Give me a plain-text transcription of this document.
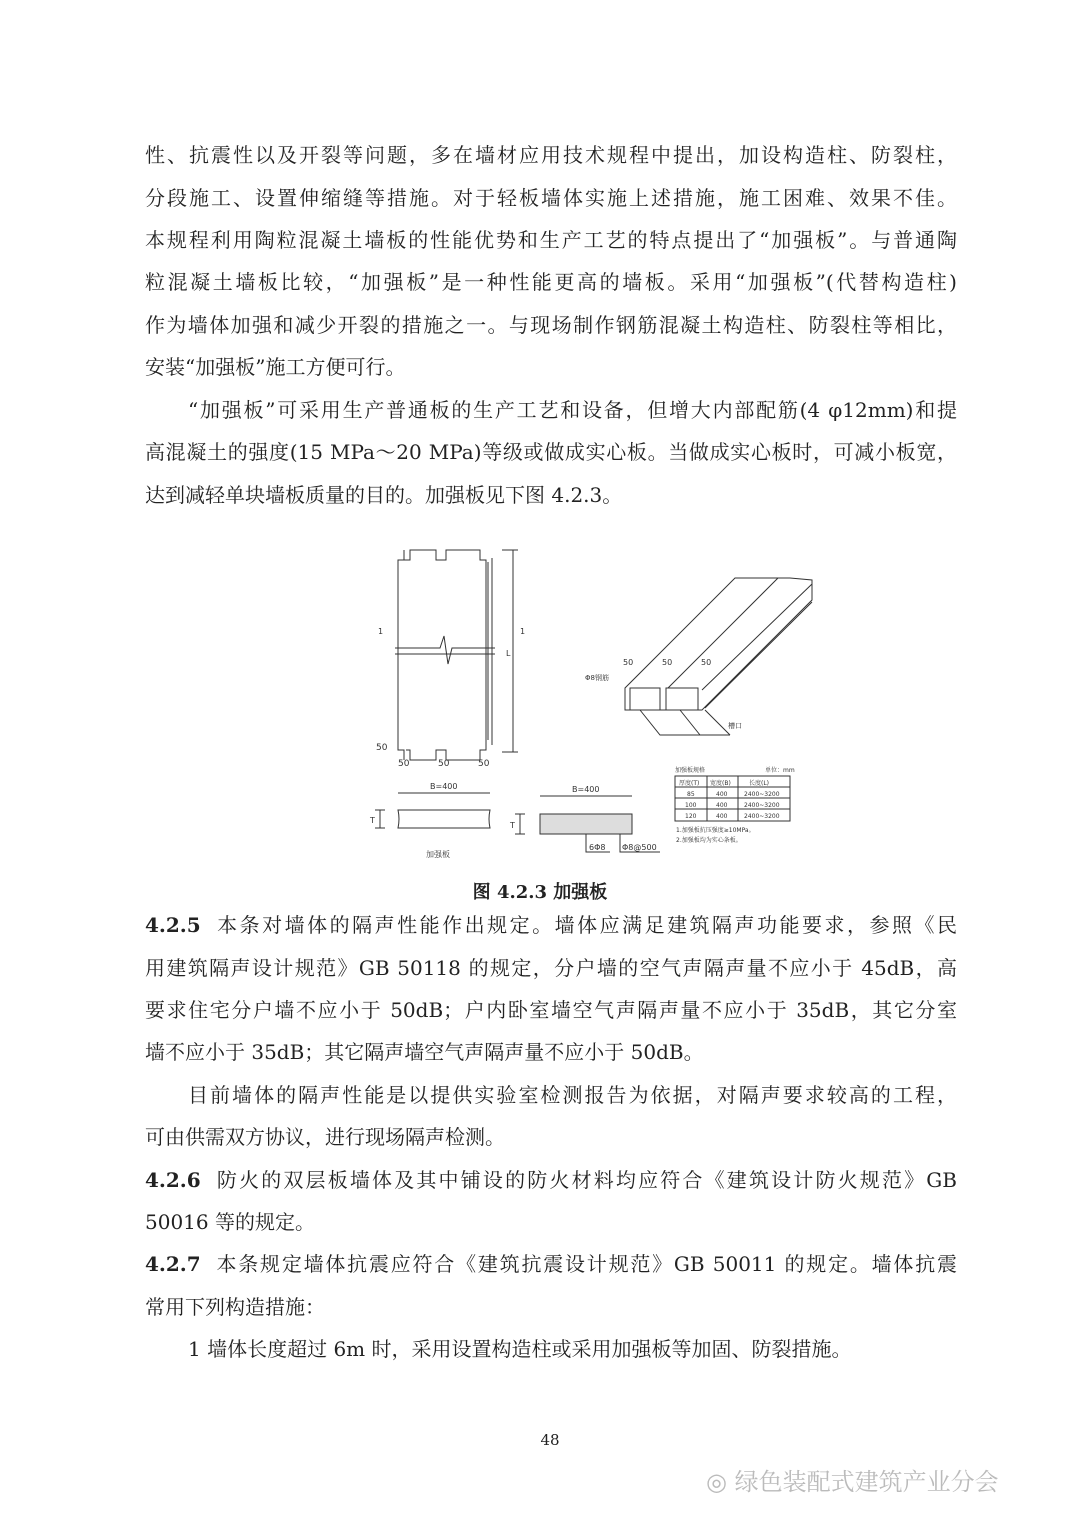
性、抗震性以及开裂等问题，多在墙材应用技术规程中提出，加设构造柱、防裂柱，
分段施工、设置伸缩缝等措施。对于轻板墙体实施上述措施，施工困难、效果不佳。
本规程利用陶粒混凝土墙板的性能优势和生产工艺的特点提出了“加强板”。与普通陶
粒混凝土墙板比较，“加强板”是一种性能更高的墙板。采用“加强板”(代替构造柱)
作为墙体加强和减少开裂的措施之一。与现场制作钢筋混凝土构造柱、防裂柱等相比，
安装“加强板”施工方便可行。
“加强板”可采用生产普通板的生产工艺和设备，但增大内部配筋(4 φ12mm)和提
高混凝土的强度(15 MPa～20 MPa)等级或做成实心板。当做成实心板时，可减小板宽，
达到减轻单块墙板质量的目的。加强板见下图 4.2.3。
1	1
L
50
50	50	50
Φ8钢筋
槽口
50	50	50
B=400
T
加强板
B=400
T
6Φ8 Φ8@500
加强板规格	单位：mm
厚度(T) 宽度(B)	长度(L)
85	400	2400~3200
100	400	2400~3200
120	400	2400~3200
1.加强板抗压强度≥10MPa。
2.加强板均为实心条板。
图 4.2.3 加强板
4.2.5 本条对墙体的隔声性能作出规定。墙体应满足建筑隔声功能要求，参照《民
用建筑隔声设计规范》GB 50118 的规定，分户墙的空气声隔声量不应小于 45dB，高
要求住宅分户墙不应小于 50dB；户内卧室墙空气声隔声量不应小于 35dB，其它分室
墙不应小于 35dB；其它隔声墙空气声隔声量不应小于 50dB。
目前墙体的隔声性能是以提供实验室检测报告为依据，对隔声要求较高的工程，
可由供需双方协议，进行现场隔声检测。
4.2.6 防火的双层板墙体及其中铺设的防火材料均应符合《建筑设计防火规范》GB
50016 等的规定。
4.2.7 本条规定墙体抗震应符合《建筑抗震设计规范》GB 50011 的规定。墙体抗震
常用下列构造措施：
1 墙体长度超过 6m 时，采用设置构造柱或采用加强板等加固、防裂措施。
48
◎ 绿色装配式建筑产业分会
